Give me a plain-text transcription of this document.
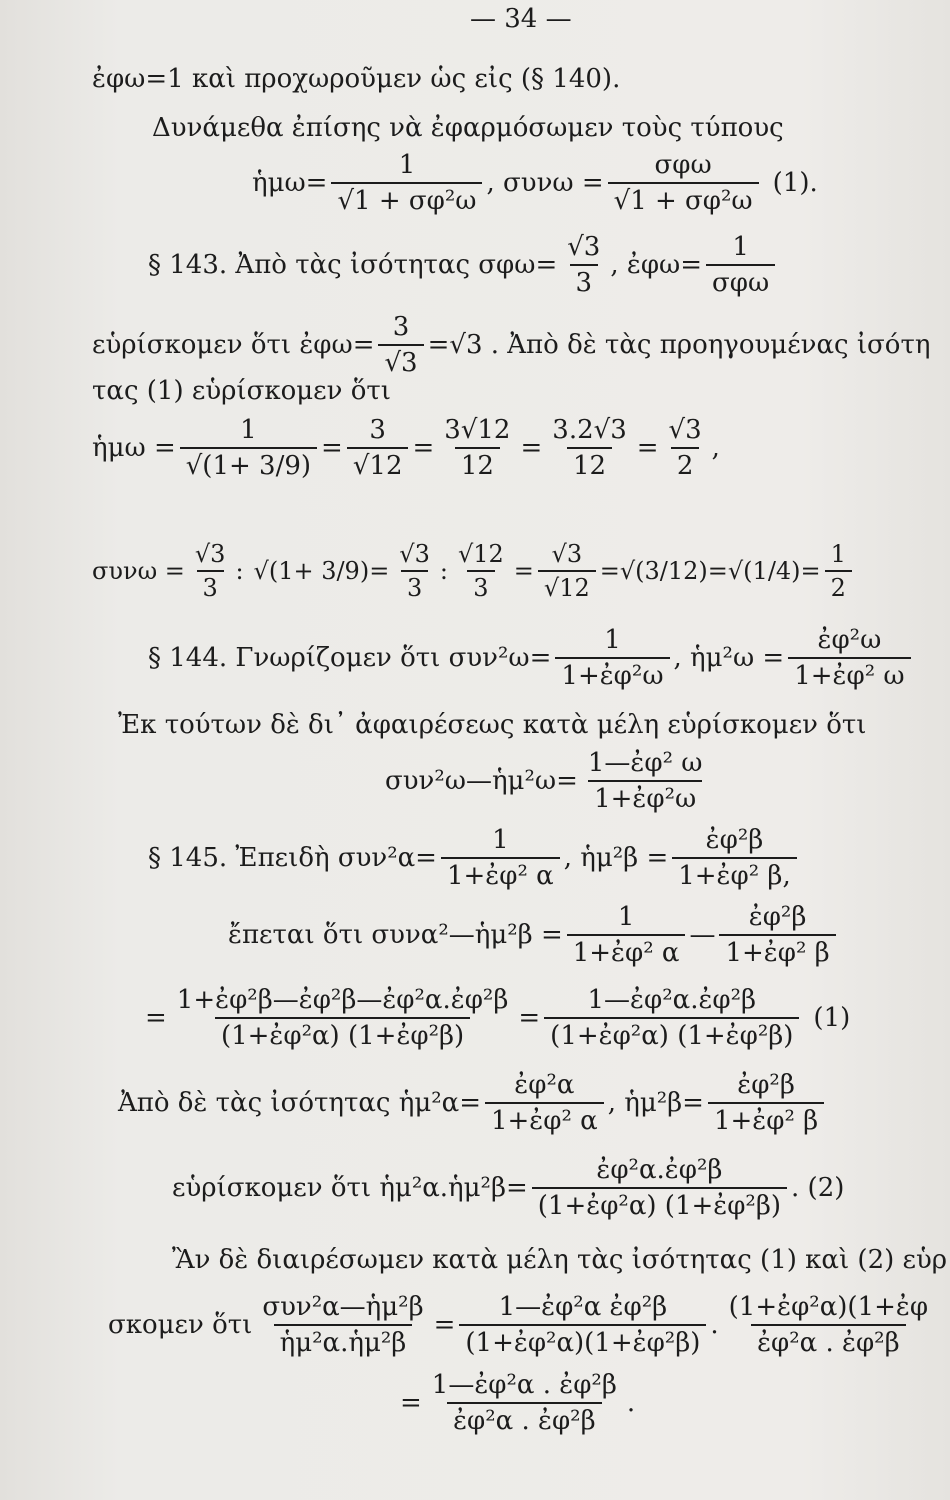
— 34 —
ἐφω=1 καὶ προχωροῦμεν ὡς εἰς (§ 140).
Δυνάμεθα ἐπίσης νὰ ἐφαρμόσωμεν τοὺς τύπους
ἡμω= $\frac{1}{\text{√1 + σφ²ω}}$ , $\sigma\upsilon\nu\omega = \frac{\text{σφω}}{\text{√1 + σφ²ω}} (1)$.
§ 143. Ἀπὸ τὰς ἰσότητας $\sigma\varphi\omega= \frac{√3}{3}$ , ἐφω= $\frac{1}{\text{σφω}}$
εὑρίσκομεν ὅτι ἐφω= $\frac{3}{√3} =√3$ . Ἀπὸ δὲ τὰς προηγουμένας ἰσότη
τας (1) εὑρίσκομεν ὅτι
ἡμω = $\frac{1}{√(1+ 3/9)} = \frac{3}{√12} = \frac{3√12}{12} = \frac{3.2√3}{12} = \frac{√3}{2}$ ,
$\sigma\upsilon\nu\omega = \frac{√3}{3}$ : $√(1+ 3/9) = \frac{√3}{3}$ : $\frac{√12}{3} = \frac{√3}{√12} = √(3/12) = √(1/4) = \frac{1}{2}$
§ 144. Γνωρίζομεν ὅτι $\sigma\upsilon\nu^2\omega= \frac{1}{\text{1+ἐφ²ω}}$ , ἡμ²ω = $\frac{\text{ἐφ²ω}}{\text{1+ἐφ² ω}}$
Ἐκ τούτων δὲ δι᾽ ἀφαιρέσεως κατὰ μέλη εὑρίσκομεν ὅτι
συν²ω—ἡμ²ω= $\frac{\text{1—ἐφ² ω}}{\text{1+ἐφ²ω}}$
§ 145. Ἐπειδὴ $\sigma\upsilon\nu^2\alpha= \frac{1}{\text{1+ἐφ² α}}$ , ἡμ²β = $\frac{\text{ἐφ²β}}{\text{1+ἐφ² β,}}$
ἔπεται ὅτι συνα²—ἡμ²β = $\frac{1}{\text{1+ἐφ² α}}$ — $\frac{\text{ἐφ²β}}{\text{1+ἐφ² β}}$
= $\frac{\text{1+ἐφ²β—ἐφ²β—ἐφ²α.ἐφ²β}}{\text{(1+ἐφ²α) (1+ἐφ²β)}} = \frac{\text{1—ἐφ²α.ἐφ²β}}{\text{(1+ἐφ²α) (1+ἐφ²β)}} (1)$
Ἀπὸ δὲ τὰς ἰσότητας ἡμ²α= $\frac{\text{ἐφ²α}}{\text{1+ἐφ² α}}$ , ἡμ²β= $\frac{\text{ἐφ²β}}{\text{1+ἐφ² β}}$
εὑρίσκομεν ὅτι ἡμ²α.ἡμ²β= $\frac{\text{ἐφ²α.ἐφ²β}}{\text{(1+ἐφ²α) (1+ἐφ²β)}}$ . (2)
Ἂν δὲ διαιρέσωμεν κατὰ μέλη τὰς ἰσότητας (1) καὶ (2) εὑρ
σκομεν ὅτι $\frac{\text{συν²α—ἡμ²β}}{\text{ἡμ²α.ἡμ²β}} = \frac{\text{1—ἐφ²α ἐφ²β}}{\text{(1+ἐφ²α)(1+ἐφ²β)}}$ . $\frac{\text{(1+ἐφ²α)(1+ἐφ}}{\text{ἐφ²α . ἐφ²β}}$
= $\frac{\text{1—ἐφ²α . ἐφ²β}}{\text{ἐφ²α . ἐφ²β}}$ .
